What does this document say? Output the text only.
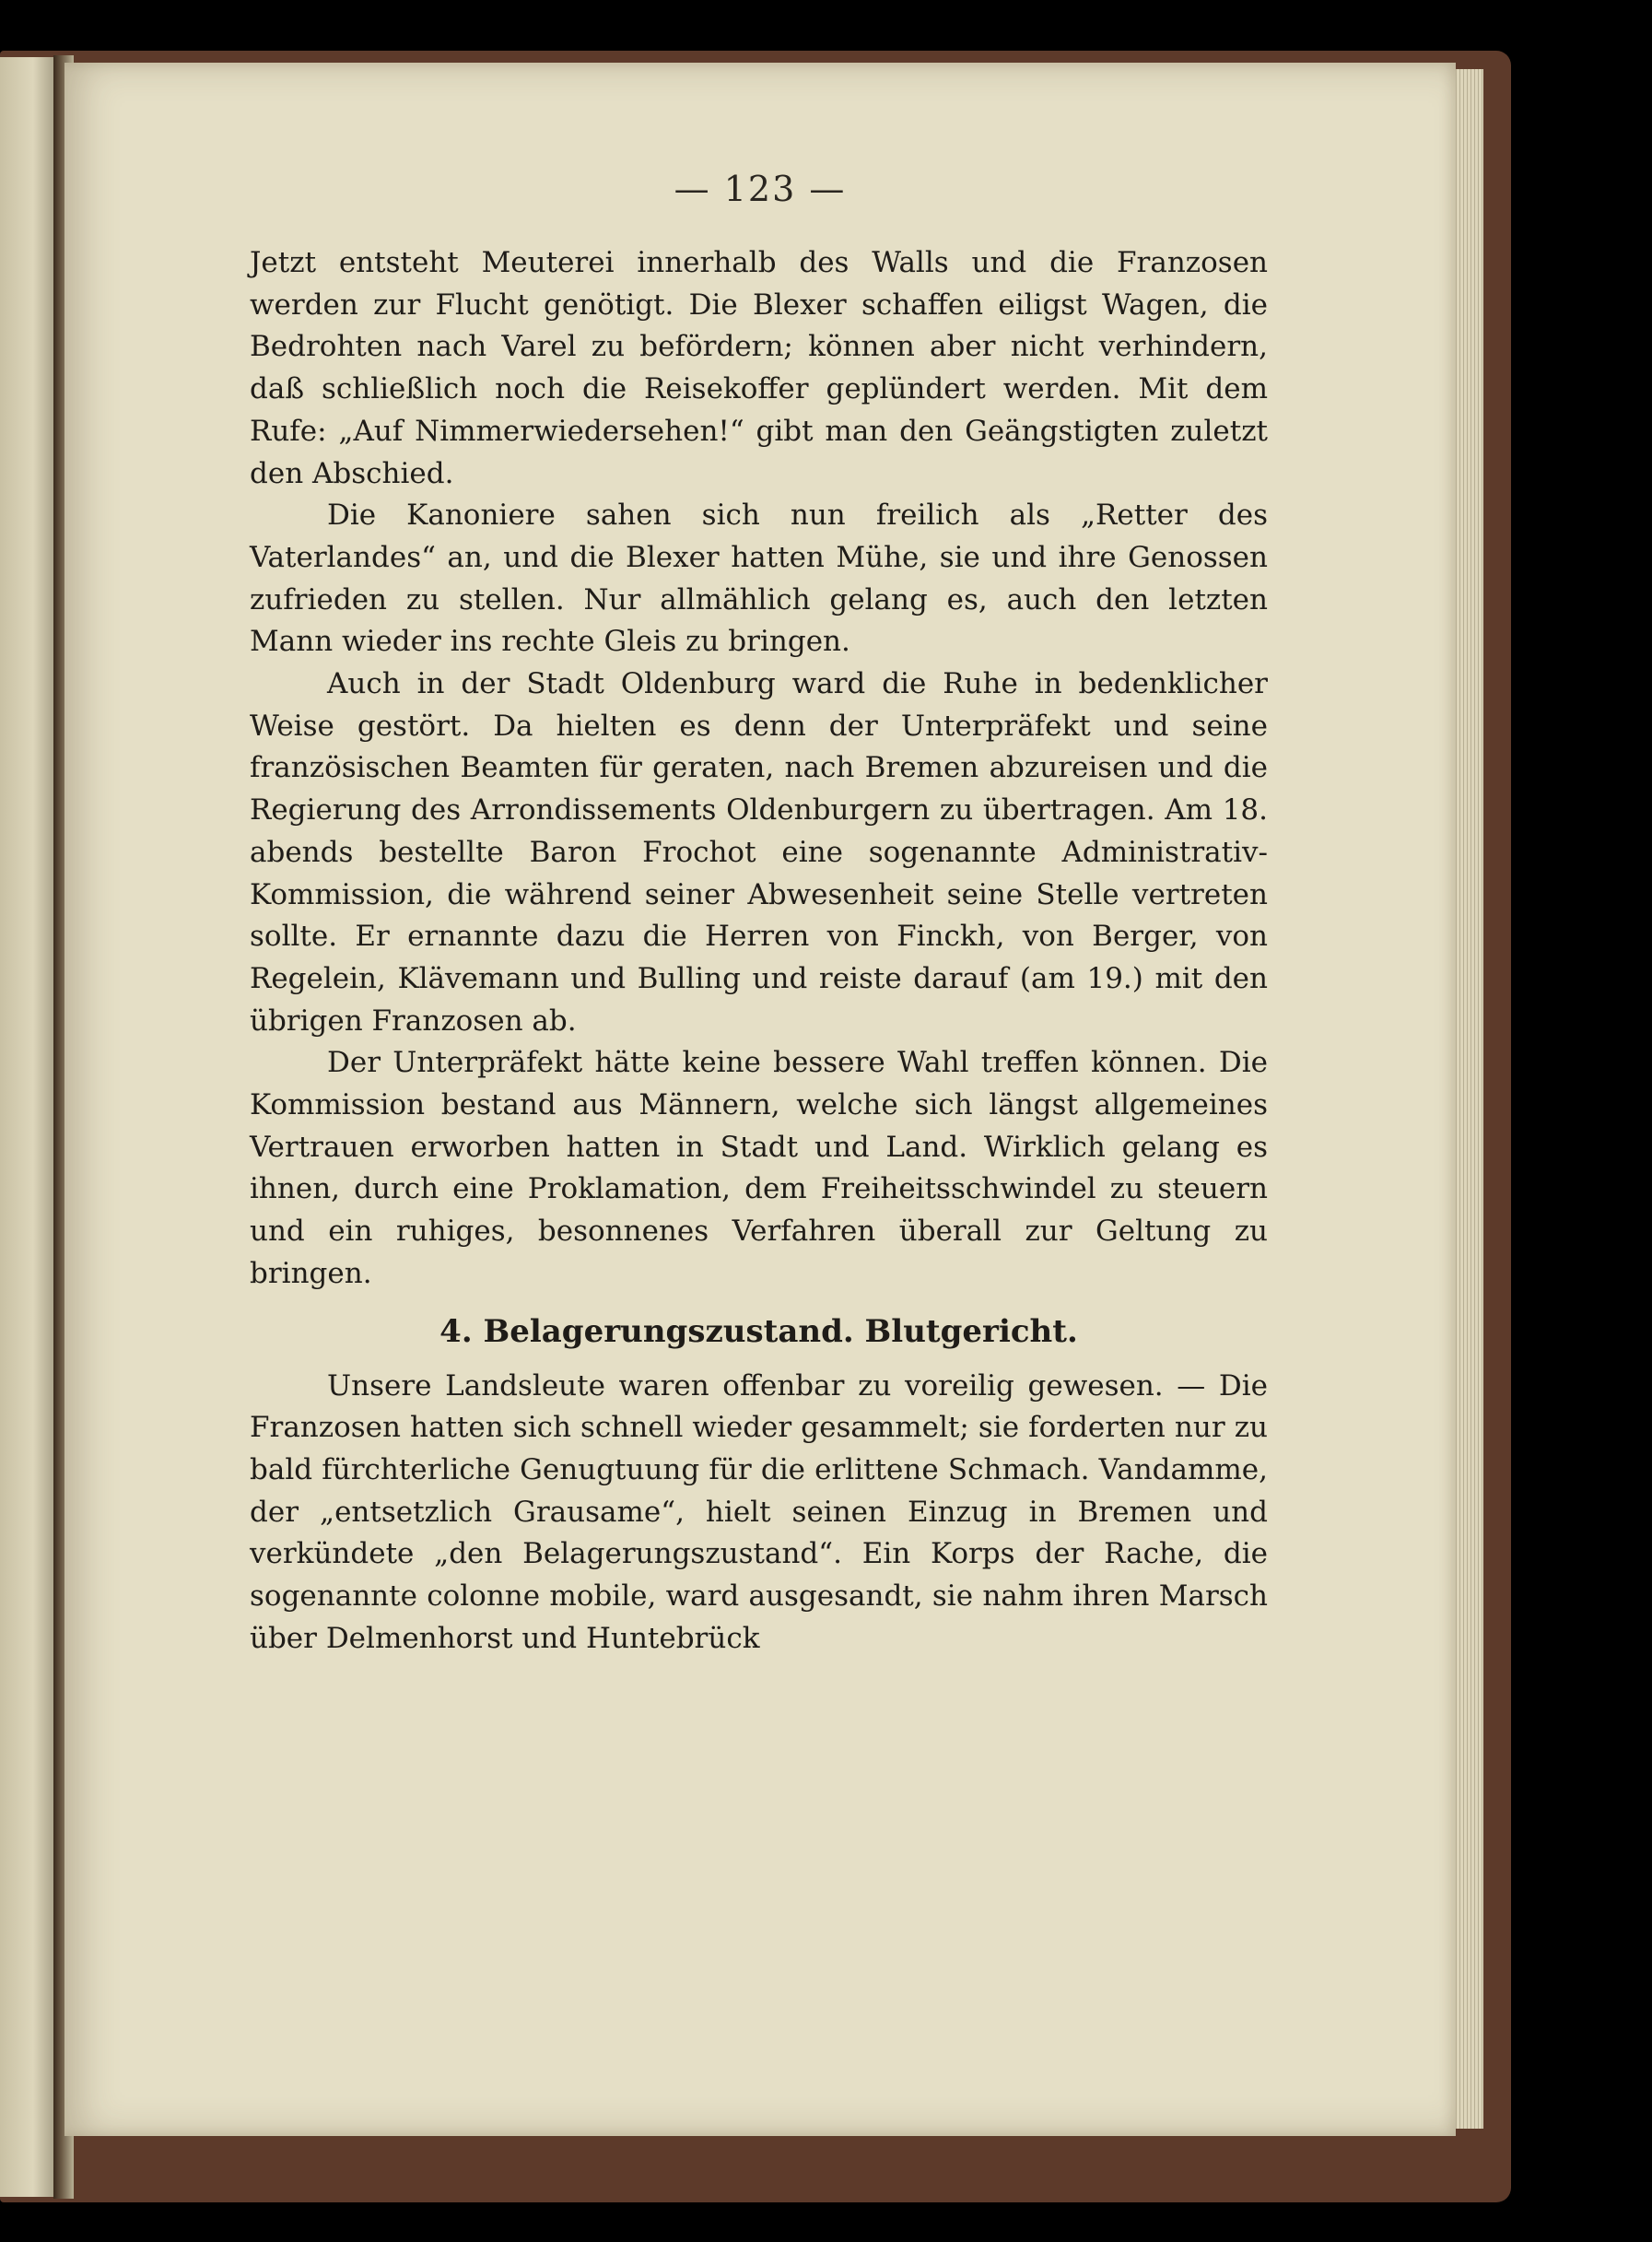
— 123 —
Jetzt entsteht Meuterei innerhalb des Walls und die Franzosen werden zur Flucht genötigt. Die Blexer schaffen eiligst Wagen, die Bedrohten nach Varel zu befördern; können aber nicht verhindern, daß schließlich noch die Reisekoffer geplündert werden. Mit dem Rufe: „Auf Nimmerwiedersehen!“ gibt man den Geängstigten zuletzt den Abschied.
Die Kanoniere sahen sich nun freilich als „Retter des Vaterlandes“ an, und die Blexer hatten Mühe, sie und ihre Genossen zufrieden zu stellen. Nur allmählich gelang es, auch den letzten Mann wieder ins rechte Gleis zu bringen.
Auch in der Stadt Oldenburg ward die Ruhe in bedenklicher Weise gestört. Da hielten es denn der Unterpräfekt und seine französischen Beamten für geraten, nach Bremen abzureisen und die Regierung des Arrondissements Oldenburgern zu übertragen. Am 18. abends bestellte Baron Frochot eine sogenannte Administrativ-Kommission, die während seiner Abwesenheit seine Stelle vertreten sollte. Er ernannte dazu die Herren von Finckh, von Berger, von Regelein, Klävemann und Bulling und reiste darauf (am 19.) mit den übrigen Franzosen ab.
Der Unterpräfekt hätte keine bessere Wahl treffen können. Die Kommission bestand aus Männern, welche sich längst allgemeines Vertrauen erworben hatten in Stadt und Land. Wirklich gelang es ihnen, durch eine Proklamation, dem Freiheitsschwindel zu steuern und ein ruhiges, besonnenes Verfahren überall zur Geltung zu bringen.
4. Belagerungszustand. Blutgericht.
Unsere Landsleute waren offenbar zu voreilig gewesen. — Die Franzosen hatten sich schnell wieder gesammelt; sie forderten nur zu bald fürchterliche Genugtuung für die erlittene Schmach. Vandamme, der „entsetzlich Grausame“, hielt seinen Einzug in Bremen und verkündete „den Belagerungszustand“. Ein Korps der Rache, die sogenannte colonne mobile, ward ausgesandt, sie nahm ihren Marsch über Delmenhorst und Huntebrück
